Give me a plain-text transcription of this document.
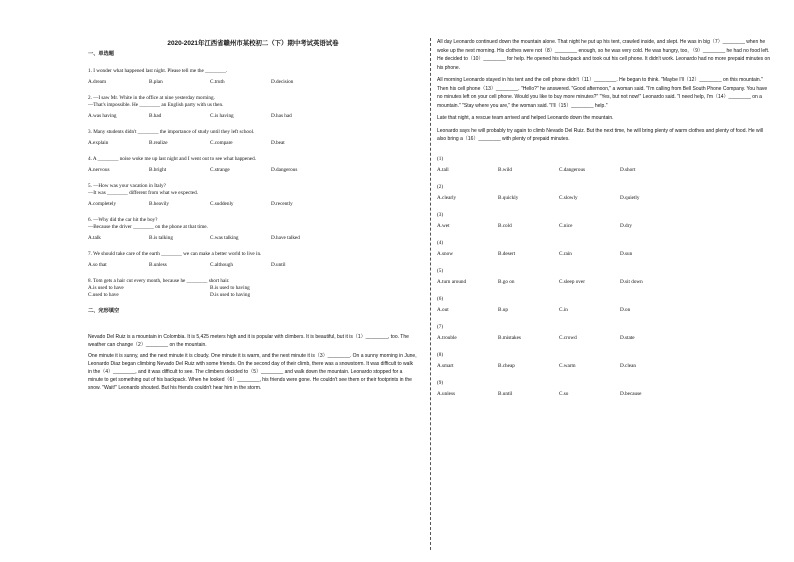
2020-2021年江西省赣州市某校初二（下）期中考试英语试卷
一、单选题
1. I wonder what happened last night. Please tell me the ________.
A.dream	B.plan	C.truth	D.decision
2. —I saw Mr. White in the office at nine yesterday morning.
—That's impossible. He ________ an English party with us then.
A.was having	B.had	C.is having	D.has had
3. Many students didn't ________ the importance of study until they left school.
A.explain	B.realize	C.compare	D.beat
4. A ________ noise woke me up last night and I went out to see what happened.
A.nervous	B.bright	C.strange	D.dangerous
5. —How was your vacation in Italy?
—It was ________ different from what we expected.
A.completely	B.heavily	C.suddenly	D.recently
6. —Why did the car hit the boy?
—Because the driver ________ on the phone at that time.
A.talk	B.is talking	C.was talking	D.have talked
7. We should take care of the earth ________ we can make a better world to live in.
A.so that	B.unless	C.although	D.until
8. Tom gets a hair cut every month, because he ________ short hair.
A.is used to have	B.is used to having
C.used to have	D.is used to having
二、完形填空

Nevado Del Ruiz is a mountain in Colombia. It is 5,425 meters high and it is popular with climbers. It is beautiful, but it is（1）________, too. The weather can change（2）________ on the mountain.

One minute it is sunny, and the next minute it is cloudy. One minute it is warm, and the next minute it is（3）________. On a sunny morning in June, Leonardo Diaz began climbing Nevado Del Ruiz with some friends. On the second day of their climb, there was a snowstorm. It was difficult to walk in the（4）________, and it was difficult to see. The climbers decided to（5）________ and walk down the mountain. Leonardo stopped for a minute to get something out of his backpack. When he looked（6）________, his friends were gone. He couldn't see them or their footprints in the snow. "Wait!" Leonardo shouted. But his friends couldn't hear him in the storm.

All day Leonardo continued down the mountain alone. That night he put up his tent, crawled inside, and slept. He was in big（7）________ when he woke up the next morning. His clothes were not（8）________ enough, so he was very cold. He was hungry, too, （9）________ he had no food left. He decided to（10）________ for help. He opened his backpack and took out his cell phone. It didn't work. Leonardo had no more prepaid minutes on his phone.
All morning Leonardo stayed in his tent and the cell phone didn't（11）________. He began to think. "Maybe I'll（12）________ on this mountain." Then his cell phone（13）________. "Hello?" he answered. "Good afternoon," a woman said. "I'm calling from Bell South Phone Company. You have no minutes left on your cell phone. Would you like to buy more minutes?" "Yes, but not now!" Leonardo said. "I need help, I'm（14）________ on a mountain." "Stay where you are," the woman said. "I'll（15）________ help."
Late that night, a rescue team arrived and helped Leonardo down the mountain.
Leonardo says he will probably try again to climb Nevado Del Ruiz. But the next time, he will bring plenty of warm clothes and plenty of food. He will also bring a（16）________ with plenty of prepaid minutes.
(1)
A.tall	B.wild	C.dangerous	D.short
(2)
A.clearly	B.quickly	C.slowly	D.quietly
(3)
A.wet	B.cold	C.nice	D.dry
(4)
A.snow	B.desert	C.rain	D.sun
(5)
A.turn around	B.go on	C.sleep over	D.sit down
(6)
A.out	B.up	C.in	D.on
(7)
A.trouble	B.mistakes	C.crowd	D.state
(8)
A.smart	B.cheap	C.warm	D.clean
(9)
A.unless	B.until	C.so	D.because
